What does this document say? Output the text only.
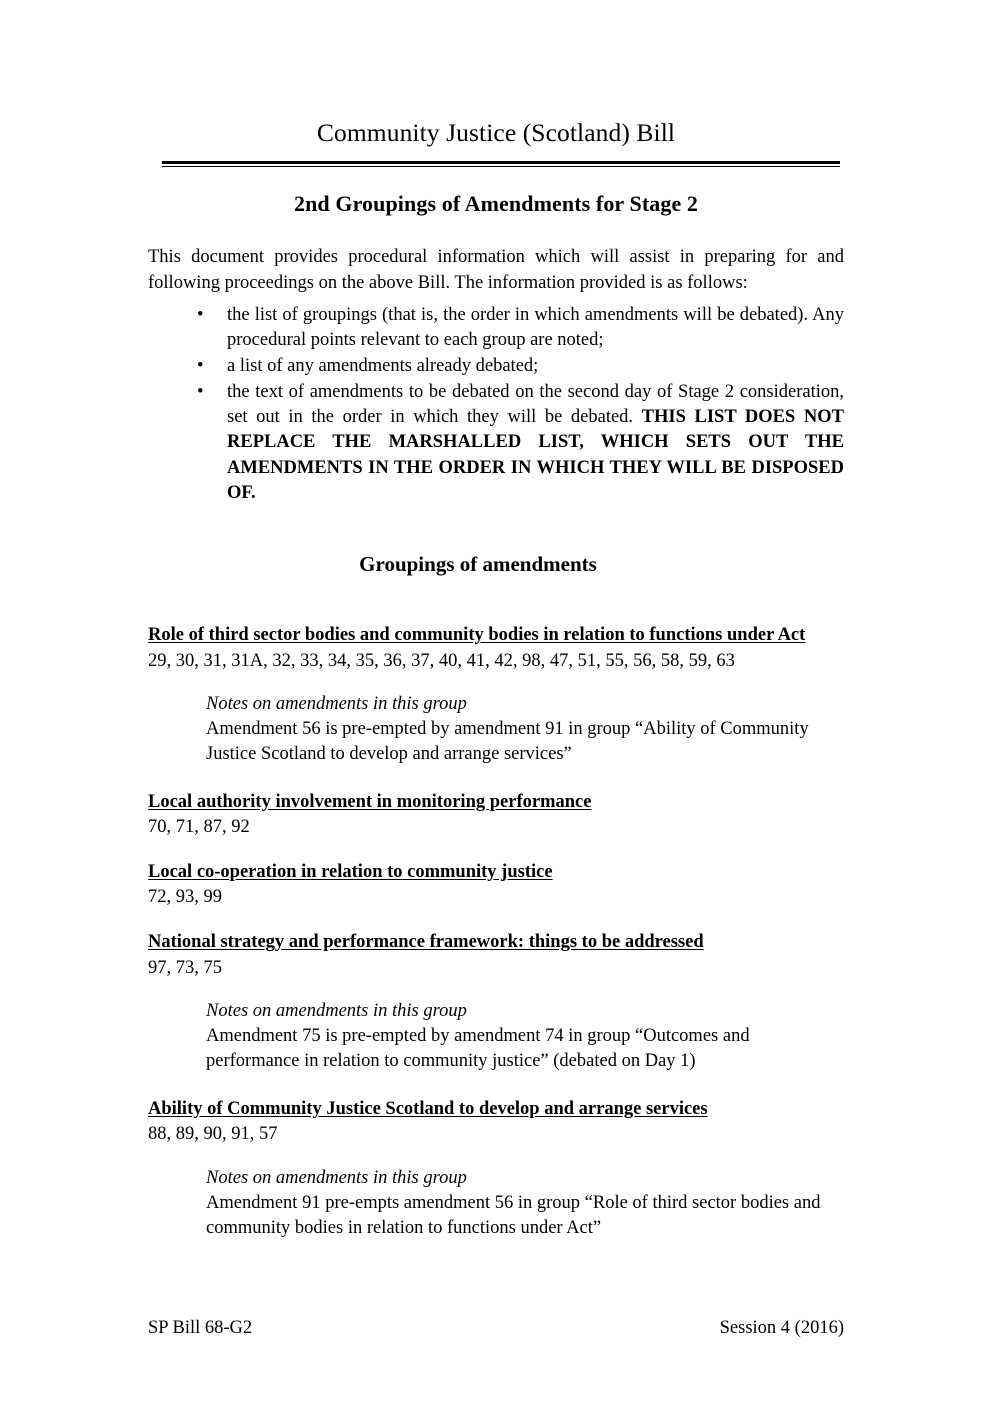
Community Justice (Scotland) Bill
2nd Groupings of Amendments for Stage 2

This document provides procedural information which will assist in preparing for and following proceedings on the above Bill. The information provided is as follows:

• the list of groupings (that is, the order in which amendments will be debated). Any procedural points relevant to each group are noted;
• a list of any amendments already debated;
• the text of amendments to be debated on the second day of Stage 2 consideration, set out in the order in which they will be debated. THIS LIST DOES NOT REPLACE THE MARSHALLED LIST, WHICH SETS OUT THE AMENDMENTS IN THE ORDER IN WHICH THEY WILL BE DISPOSED OF.
Groupings of amendments
Role of third sector bodies and community bodies in relation to functions under Act
29, 30, 31, 31A, 32, 33, 34, 35, 36, 37, 40, 41, 42, 98, 47, 51, 55, 56, 58, 59, 63

Notes on amendments in this group

Amendment 56 is pre-empted by amendment 91 in group “Ability of Community Justice Scotland to develop and arrange services”

Local authority involvement in monitoring performance
70, 71, 87, 92
Local co-operation in relation to community justice
72, 93, 99
National strategy and performance framework: things to be addressed
97, 73, 75

Notes on amendments in this group

Amendment 75 is pre-empted by amendment 74 in group “Outcomes and performance in relation to community justice” (debated on Day 1)

Ability of Community Justice Scotland to develop and arrange services
88, 89, 90, 91, 57

Notes on amendments in this group

Amendment 91 pre-empts amendment 56 in group “Role of third sector bodies and community bodies in relation to functions under Act”

SP Bill 68-G2	Session 4 (2016)
